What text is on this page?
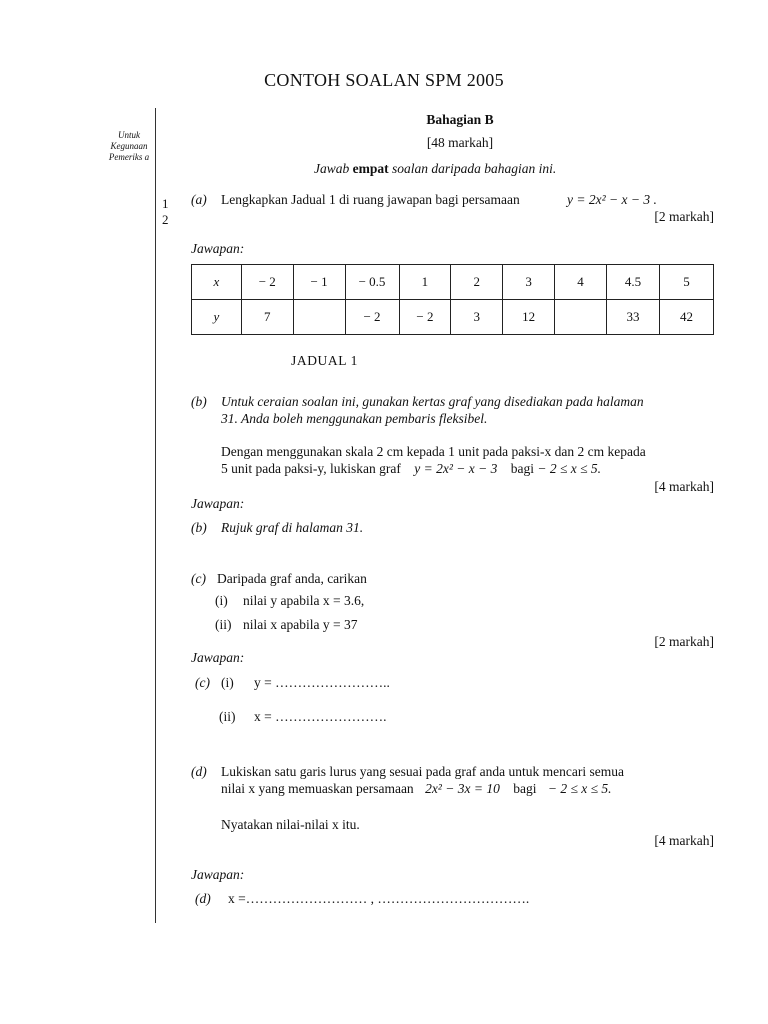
CONTOH SOALAN SPM 2005
Untuk Kegunaan Pemeriks a
1
2
Bahagian B
[48 markah]
Jawab empat soalan daripada bahagian ini.
(a) Lengkapkan Jadual 1 di ruang jawapan bagi persamaan	y = 2x² − x − 3 .
[2 markah]
Jawapan:
x	− 2	− 1	− 0.5	1	2	3	4	4.5	5
y	7		− 2	− 2	3	12		33	42
JADUAL 1
(b) Untuk ceraian soalan ini, gunakan kertas graf yang disediakan pada halaman
31. Anda boleh menggunakan pembaris fleksibel.
Dengan menggunakan skala 2 cm kepada 1 unit pada paksi-x dan 2 cm kepada
5 unit pada paksi-y, lukiskan graf y = 2x² − x − 3 bagi − 2 ≤ x ≤ 5.
[4 markah]
Jawapan:
(b) Rujuk graf di halaman 31.
(c) Daripada graf anda, carikan
(i) nilai y apabila x = 3.6,
(ii) nilai x apabila y = 37
[2 markah]
Jawapan:
(c) (i) y = ……………………..
(ii) x = …………………….
(d) Lukiskan satu garis lurus yang sesuai pada graf anda untuk mencari semua
nilai x yang memuaskan persamaan 2x² − 3x = 10 bagi − 2 ≤ x ≤ 5.
Nyatakan nilai-nilai x itu.
[4 markah]
Jawapan:
(d) x =……………………… , …………………………….
